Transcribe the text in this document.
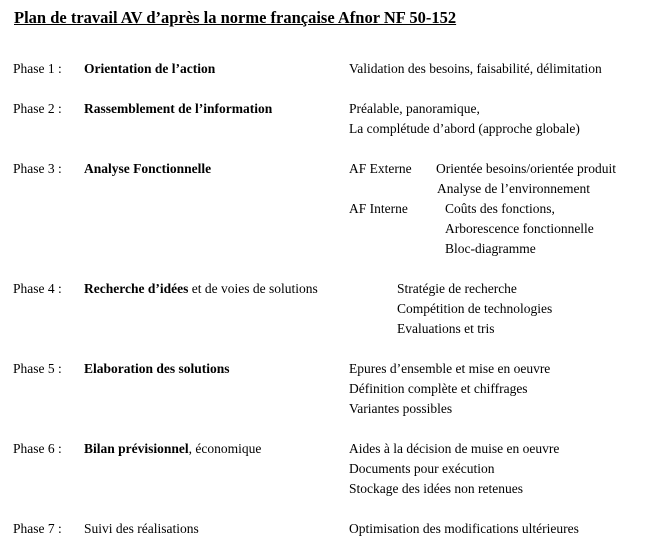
Plan de travail AV d’après la norme française Afnor NF 50-152
Phase 1 : Orientation de l’action	Validation des besoins, faisabilité, délimitation
Phase 2 : Rassemblement de l’information	Préalable, panoramique,
La complétude d’abord (approche globale)
Phase 3 : Analyse Fonctionnelle	AF Externe Orientée besoins/orientée produit
Analyse de l’environnement
AF Interne	Coûts des fonctions,
Arborescence fonctionnelle
Bloc-diagramme
Phase 4 : Recherche d’idées et de voies de solutions	Stratégie de recherche
Compétition de technologies
Evaluations et tris
Phase 5 : Elaboration des solutions	Epures d’ensemble et mise en oeuvre
Définition complète et chiffrages
Variantes possibles
Phase 6 : Bilan prévisionnel, économique	Aides à la décision de muise en oeuvre
Documents pour exécution
Stockage des idées non retenues
Phase 7 : Suivi des réalisations	Optimisation des modifications ultérieures
